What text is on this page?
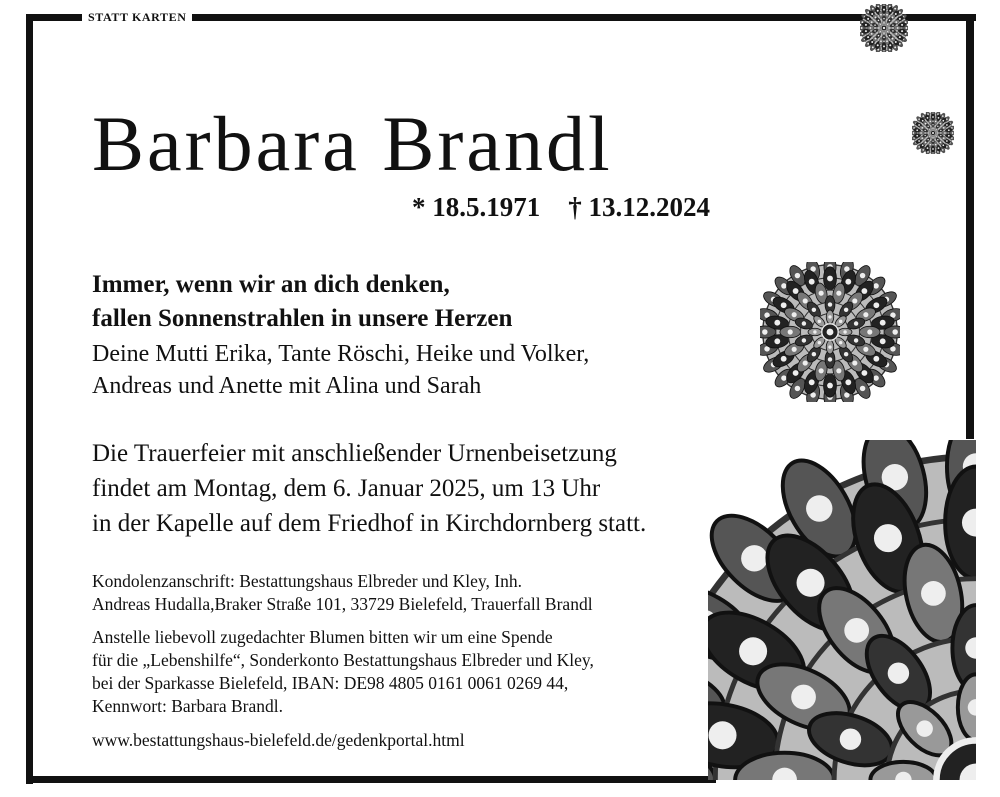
STATT KARTEN
Barbara Brandl
* 18.5.1971 † 13.12.2024
Immer, wenn wir an dich denken,
fallen Sonnenstrahlen in unsere Herzen
Deine Mutti Erika, Tante Röschi, Heike und Volker,
Andreas und Anette mit Alina und Sarah
Die Trauerfeier mit anschließender Urnenbeisetzung
findet am Montag, dem 6. Januar 2025, um 13 Uhr
in der Kapelle auf dem Friedhof in Kirchdornberg statt.
Kondolenzanschrift: Bestattungshaus Elbreder und Kley, Inh.
Andreas Hudalla,Braker Straße 101, 33729 Bielefeld, Trauerfall Brandl
Anstelle liebevoll zugedachter Blumen bitten wir um eine Spende
für die „Lebenshilfe“, Sonderkonto Bestattungshaus Elbreder und Kley,
bei der Sparkasse Bielefeld, IBAN: DE98 4805 0161 0061 0269 44,
Kennwort: Barbara Brandl.
www.bestattungshaus-bielefeld.de/gedenkportal.html
